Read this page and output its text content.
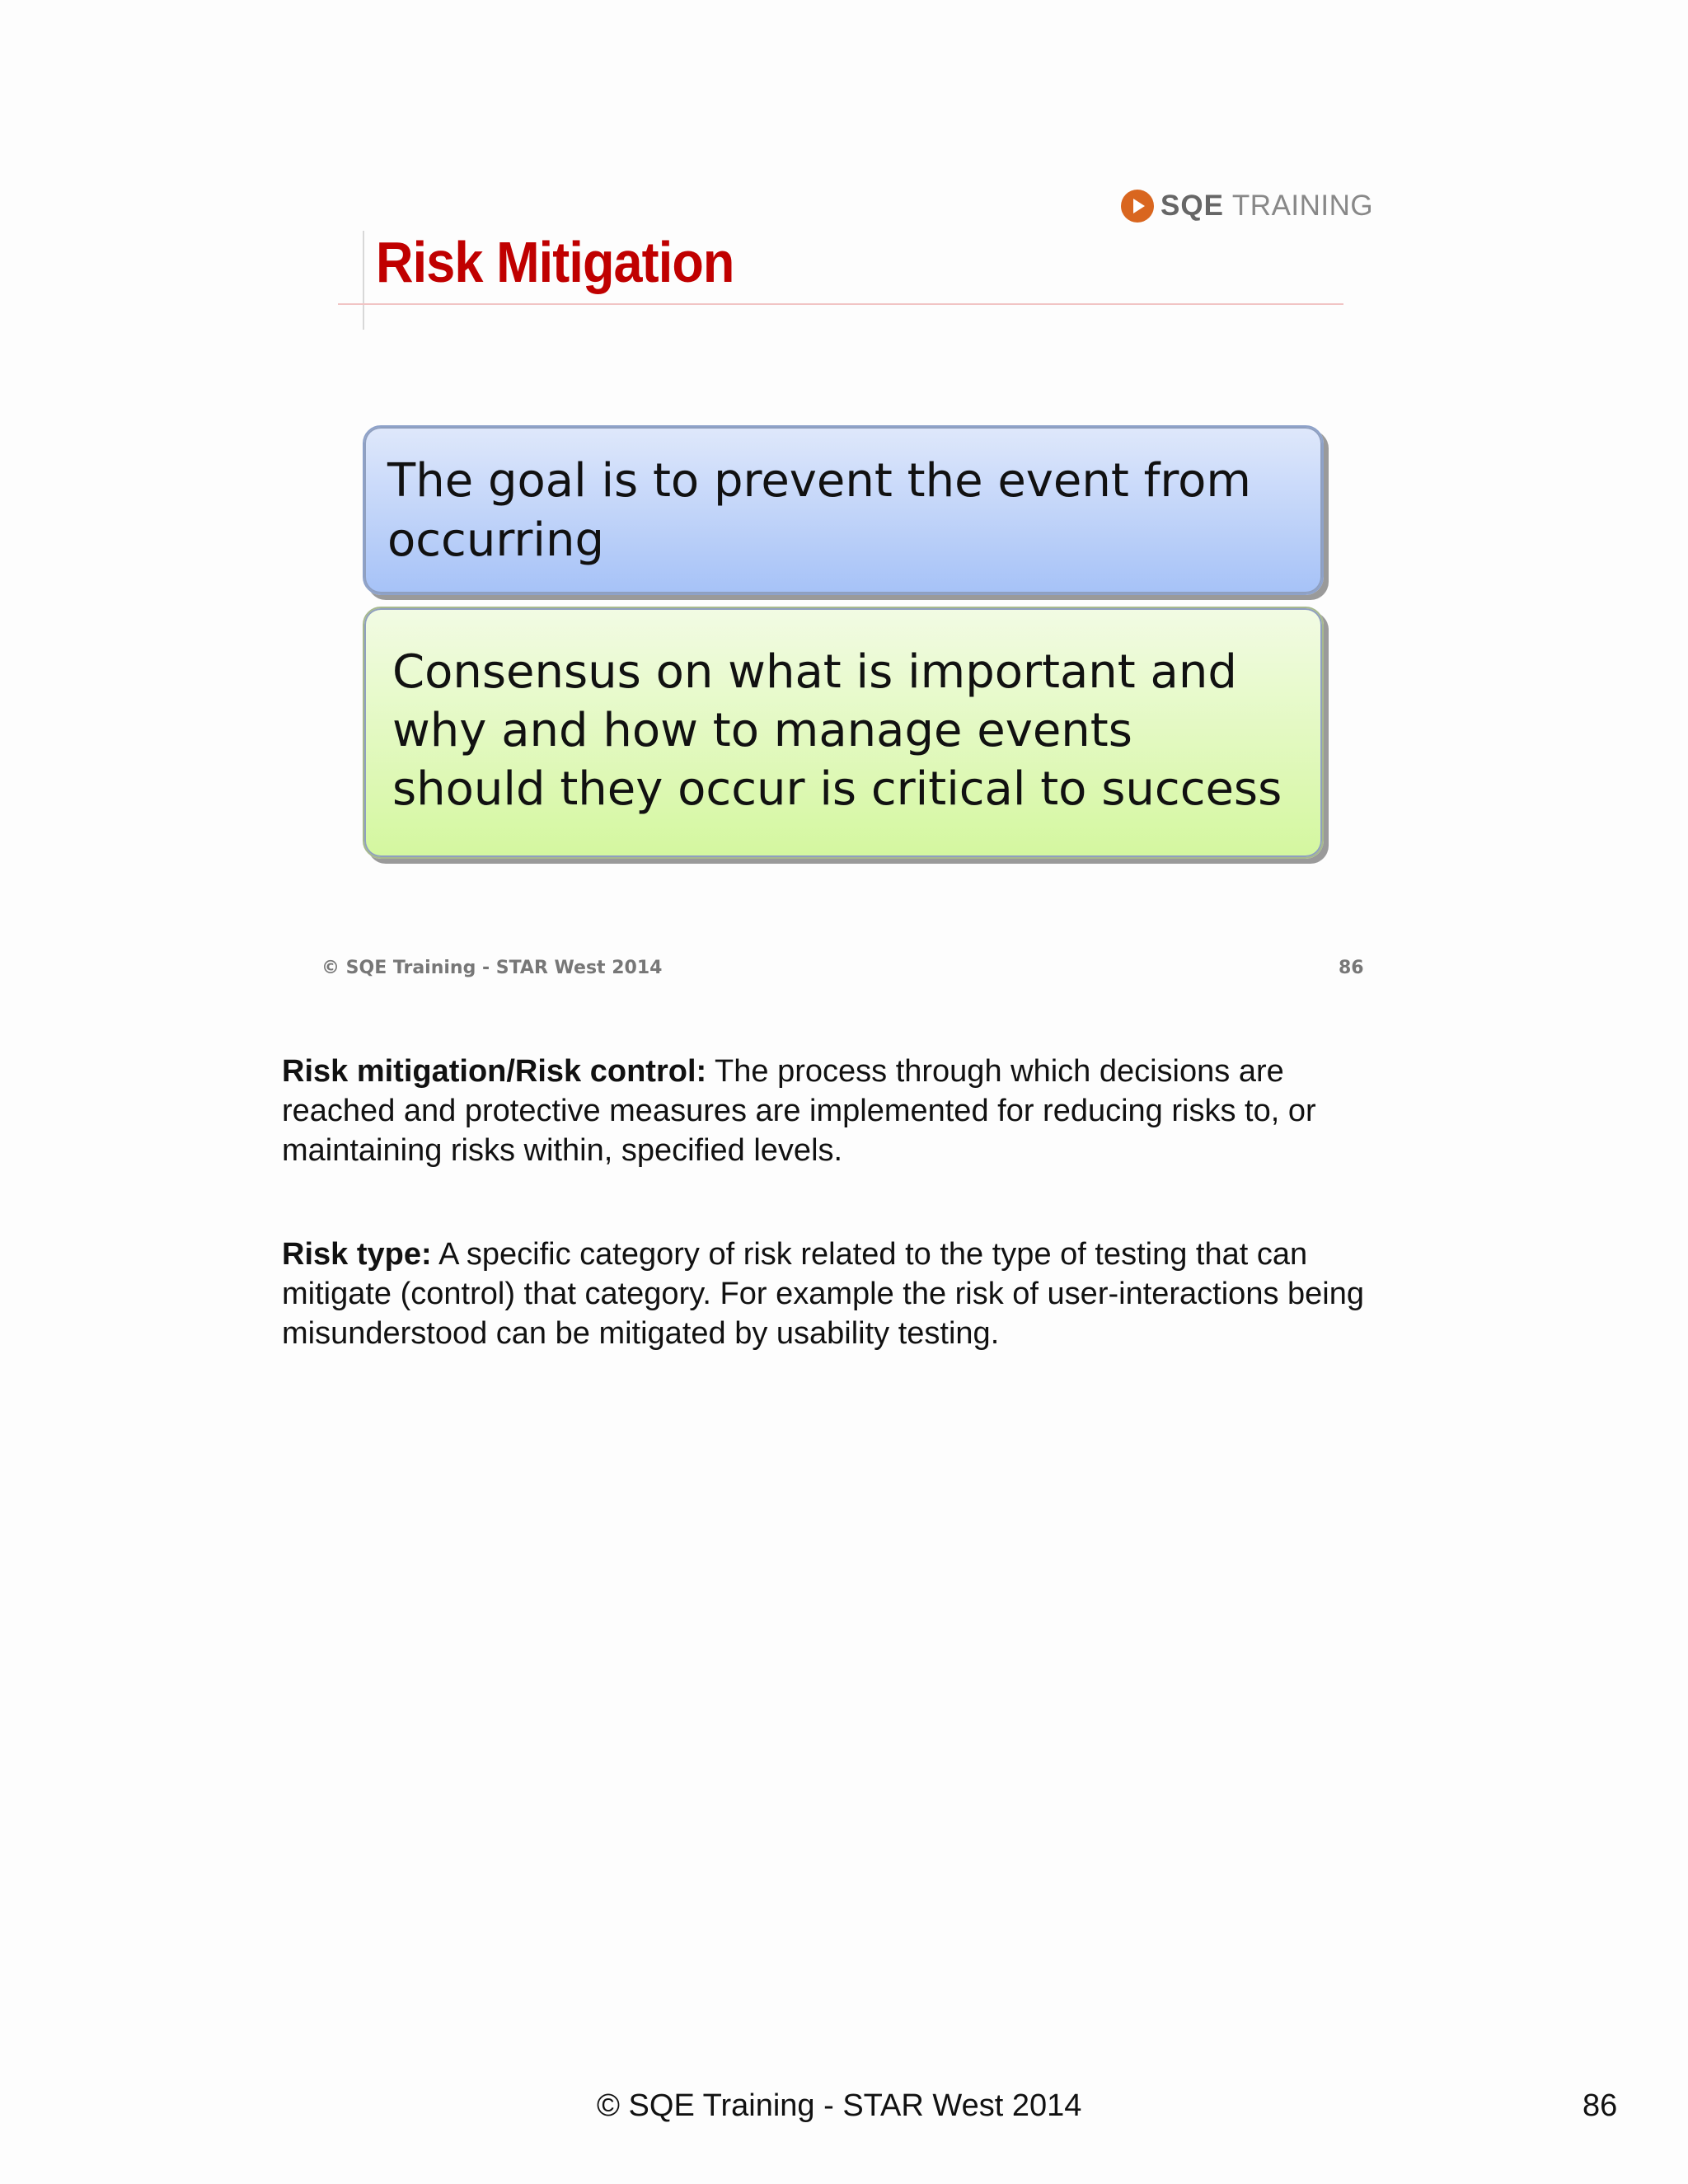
SQE TRAINING
Risk Mitigation
The goal is to prevent the event from occurring
Consensus on what is important and why and how to manage events should they occur is critical to success
© SQE Training - STAR West 2014	86
Risk mitigation/Risk control: The process through which decisions are reached and protective measures are implemented for reducing risks to, or maintaining risks within, specified levels.
Risk type: A specific category of risk related to the type of testing that can mitigate (control) that category. For example the risk of user-interactions being misunderstood can be mitigated by usability testing.
© SQE Training - STAR West 2014	86
